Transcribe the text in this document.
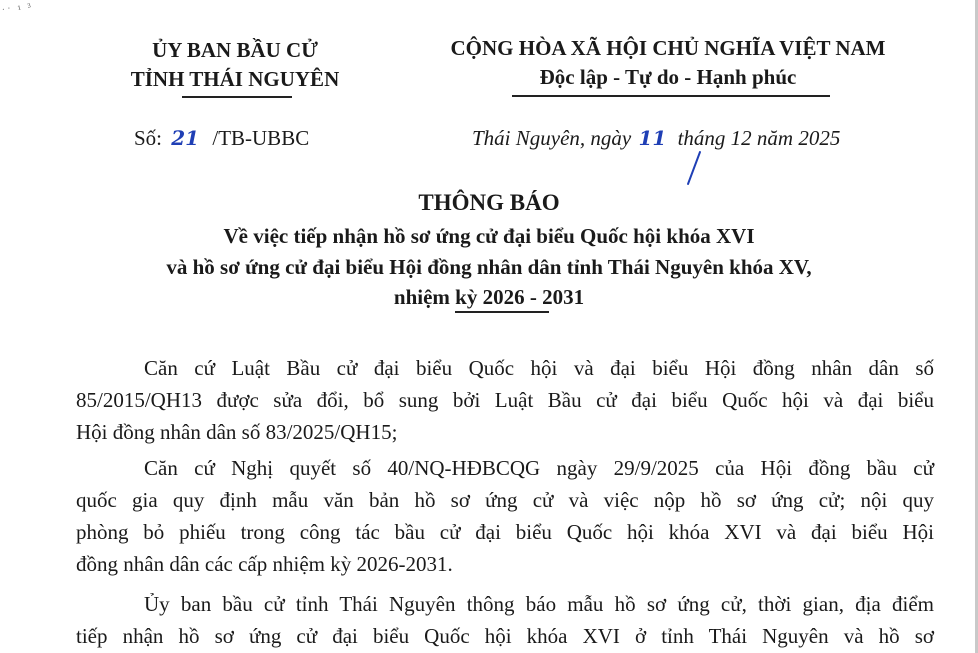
˙˙ ¹ ³
ỦY BAN BẦU CỬ
TỈNH THÁI NGUYÊN
CỘNG HÒA XÃ HỘI CHỦ NGHĨA VIỆT NAM
Độc lập - Tự do - Hạnh phúc
Số: 21 /TB-UBBC	Thái Nguyên, ngày 11 tháng 12 năm 2025
THÔNG BÁO
Về việc tiếp nhận hồ sơ ứng cử đại biểu Quốc hội khóa XVI
và hồ sơ ứng cử đại biểu Hội đồng nhân dân tỉnh Thái Nguyên khóa XV,
nhiệm kỳ 2026 - 2031
Căn cứ Luật Bầu cử đại biểu Quốc hội và đại biểu Hội đồng nhân dân số
85/2015/QH13 được sửa đổi, bổ sung bởi Luật Bầu cử đại biểu Quốc hội và đại biểu
Hội đồng nhân dân số 83/2025/QH15;
Căn cứ Nghị quyết số 40/NQ-HĐBCQG ngày 29/9/2025 của Hội đồng bầu cử
quốc gia quy định mẫu văn bản hồ sơ ứng cử và việc nộp hồ sơ ứng cử; nội quy
phòng bỏ phiếu trong công tác bầu cử đại biểu Quốc hội khóa XVI và đại biểu Hội
đồng nhân dân các cấp nhiệm kỳ 2026-2031.
Ủy ban bầu cử tỉnh Thái Nguyên thông báo mẫu hồ sơ ứng cử, thời gian, địa điểm
tiếp nhận hồ sơ ứng cử đại biểu Quốc hội khóa XVI ở tỉnh Thái Nguyên và hồ sơ
